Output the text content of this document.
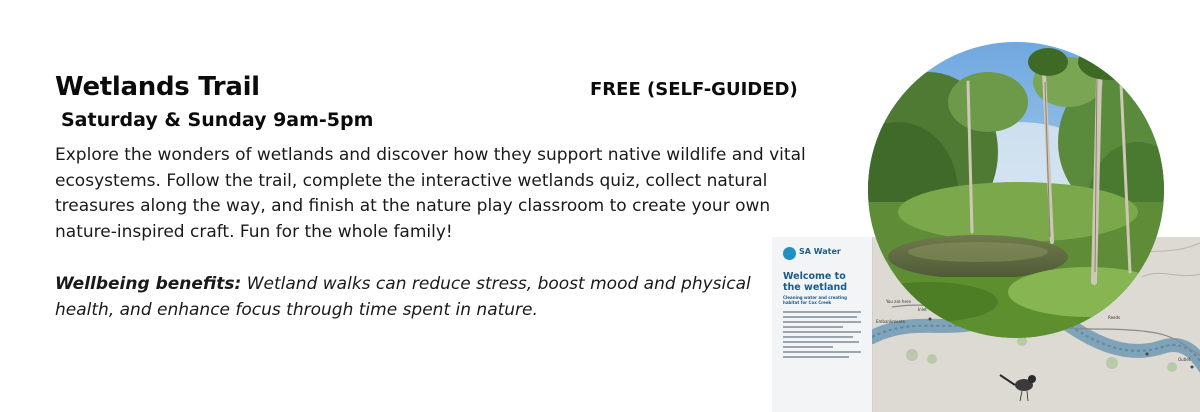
Wetlands Trail	FREE (SELF-GUIDED)
Saturday & Sunday 9am-5pm

Explore the wonders of wetlands and discover how they support native wildlife and vital ecosystems. Follow the trail, complete the interactive wetlands quiz, collect natural treasures along the way, and finish at the nature play classroom to create your own nature-inspired craft. Fun for the whole family!

Wellbeing benefits: Wetland walks can reduce stress, boost mood and physical health, and enhance focus through time spent in nature.

SA Water
Welcome to the wetland
Cleaning water and creating habitat for Cox Creek	You are here
Embankments
Inlet
Reeds
Outlet
